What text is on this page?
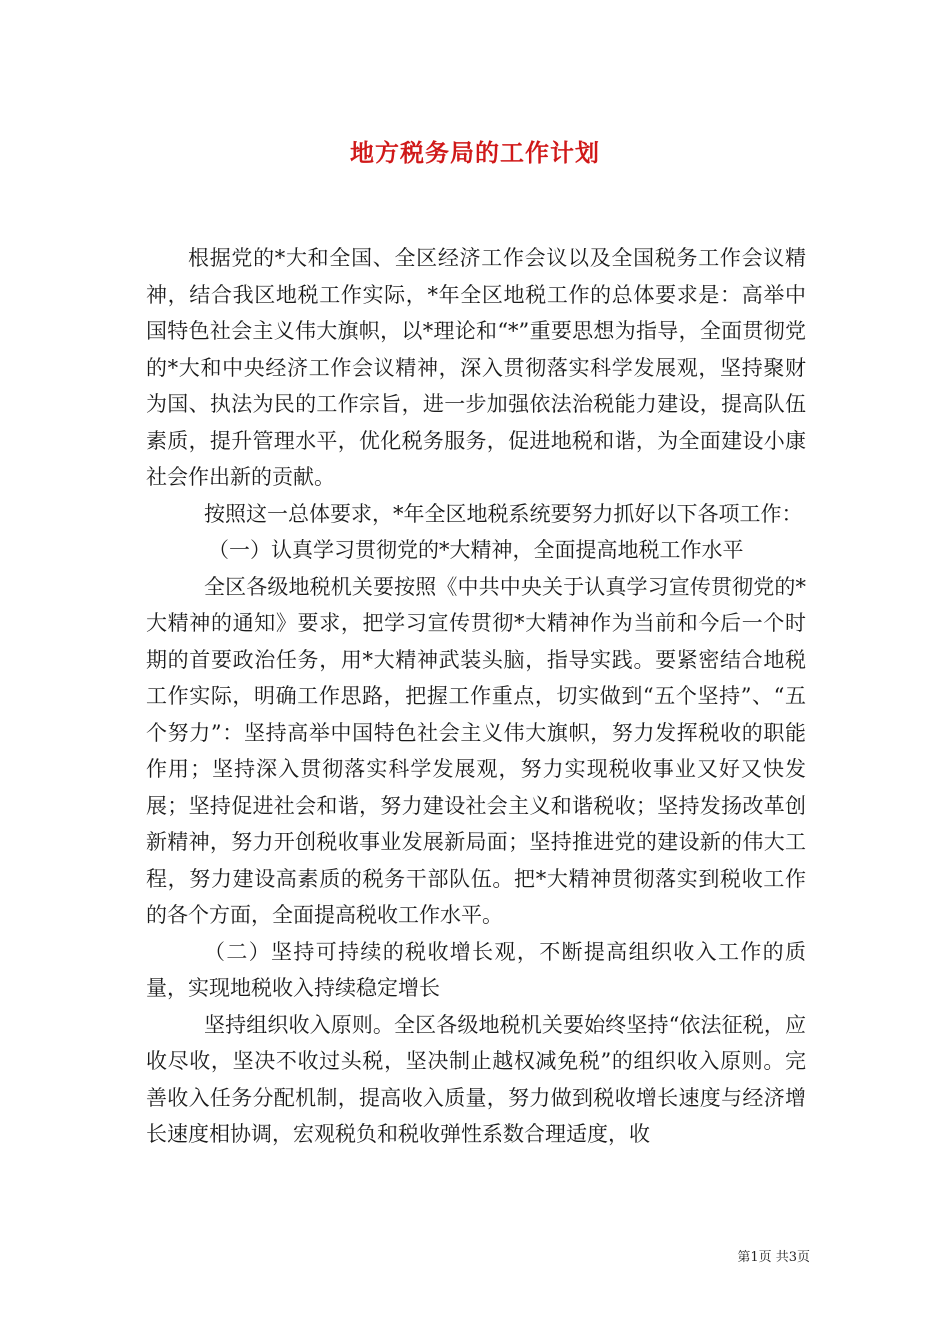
地方税务局的工作计划

根据党的*大和全国、全区经济工作会议以及全国税务工作会议精神，结合我区地税工作实际，*年全区地税工作的总体要求是：高举中国特色社会主义伟大旗帜，以*理论和“*”重要思想为指导，全面贯彻党的*大和中央经济工作会议精神，深入贯彻落实科学发展观，坚持聚财为国、执法为民的工作宗旨，进一步加强依法治税能力建设，提高队伍素质，提升管理水平，优化税务服务，促进地税和谐，为全面建设小康社会作出新的贡献。

按照这一总体要求，*年全区地税系统要努力抓好以下各项工作：

（一）认真学习贯彻党的*大精神，全面提高地税工作水平

全区各级地税机关要按照《中共中央关于认真学习宣传贯彻党的*大精神的通知》要求，把学习宣传贯彻*大精神作为当前和今后一个时期的首要政治任务，用*大精神武装头脑，指导实践。要紧密结合地税工作实际，明确工作思路，把握工作重点，切实做到“五个坚持”、“五个努力”：坚持高举中国特色社会主义伟大旗帜，努力发挥税收的职能作用；坚持深入贯彻落实科学发展观，努力实现税收事业又好又快发展；坚持促进社会和谐，努力建设社会主义和谐税收；坚持发扬改革创新精神，努力开创税收事业发展新局面；坚持推进党的建设新的伟大工程，努力建设高素质的税务干部队伍。把*大精神贯彻落实到税收工作的各个方面，全面提高税收工作水平。

（二）坚持可持续的税收增长观，不断提高组织收入工作的质量，实现地税收入持续稳定增长

坚持组织收入原则。全区各级地税机关要始终坚持“依法征税，应收尽收，坚决不收过头税，坚决制止越权减免税”的组织收入原则。完善收入任务分配机制，提高收入质量，努力做到税收增长速度与经济增长速度相协调，宏观税负和税收弹性系数合理适度，收

第1页 共3页
